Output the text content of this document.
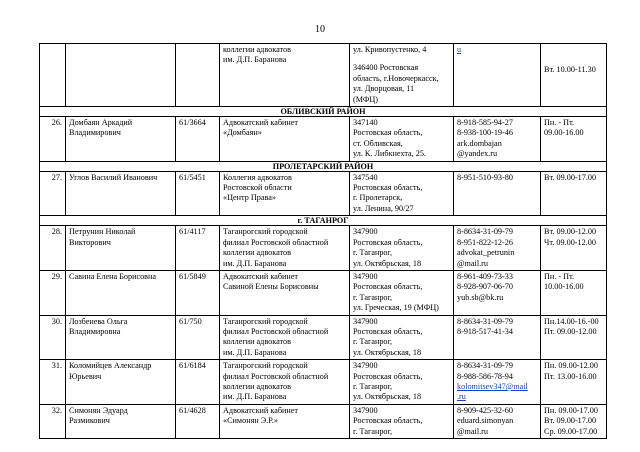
10

			коллегии адвокатов
им. Д.П. Баранова	ул. Кривопустенко, 4
346400 Ростовская
область, г.Новочеркасск,
ул. Дворцовая, 11
(МФЦ)	u	Вт. 10.00-11.30

ОБЛИВСКИЙ РАЙОН						
26.	Домбаян Аркадий
Владимирович	61/3664	Адвокатский кабинет
«Домбаян»	347140
Ростовская область,
ст. Обливская,
ул. К. Либкнехта, 25.	8-918-585-94-27
8-938-100-19-46
ark.dombajan
@yandex.ru	Пн. - Пт.
09.00-16.00

ПРОЛЕТАРСКИЙ РАЙОН						
27.	Углов Василий Иванович	61/5451	Коллегия адвокатов
Ростовской области
«Центр Права»	347540
Ростовская область,
г. Пролетарск,
ул. Ленина, 90/27	8-951-510-93-80	Вт. 09.00-17.00

г. ТАГАНРОГ						
28.	Петрунин Николай
Викторович	61/4117	Таганрогский городской
филиал Ростовской областной
коллегии адвокатов
им. Д.П. Баранова	347900
Ростовская область,
г. Таганрог,
ул. Октябрьская, 18	8-8634-31-09-79
8-951-822-12-26
advokat_petrunin
@mail.ru	Вт. 09.00-12.00
Чт. 09.00-12.00

29.	Савина Елена Борисовна	61/5849	Адвокатский кабинет
Савиной Елены Борисовны	347900
Ростовская область,
г. Таганрог,
ул. Греческая, 19 (МФЦ)	8-961-409-73-33
8-928-907-06-70
yub.sb@bk.ru	Пн. - Пт.
10.00-16.00

30.	Лозбенева Ольга
Владимировна	61/750	Таганрогский городской
филиал Ростовской областной
коллегии адвокатов
им. Д.П. Баранова	347900
Ростовская область,
г. Таганрог,
ул. Октябрьская, 18	8-8634-31-09-79
8-918-517-41-34	Пн.14.00-16.-00
Пт. 09.00-12.00

31.	Коломийцев Александр
Юрьевич	61/6184	Таганрогский городской
филиал Ростовской областной
коллегии адвокатов
им. Д.П. Баранова	347900
Ростовская область,
г. Таганрог,
ул. Октябрьская, 18	8-8634-31-09-79
8-988-586-78-94
kolomitsev347@mail
.ru	Пн. 09.00-12.00
Пт. 13.00-16.00

32.	Симонян Эдуард
Размикович	61/4628	Адвокатский кабинет
«Симонян Э.Р.»	347900
Ростовская область,
г. Таганрог,	8-909-425-32-60
eduard.simonyan
@mail.ru	Пн. 09.00-17.00
Вт. 09.00-17.00
Ср. 09.00-17.00
